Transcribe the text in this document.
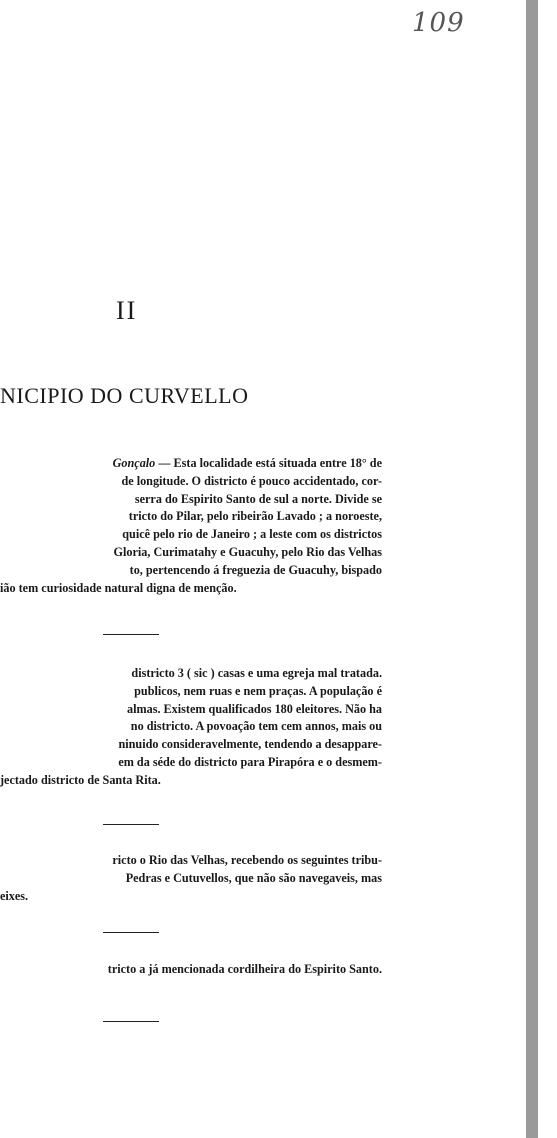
109
II
NICIPIO DO CURVELLO
Gonçalo — Esta localidade está situada entre 18° de
de longitude. O districto é pouco accidentado, cor-
serra do Espirito Santo de sul a norte. Divide se
tricto do Pilar, pelo ribeirão Lavado ; a noroeste,
quicê pelo rio de Janeiro ; a leste com os districtos
Gloria, Curimatahy e Guacuhy, pelo Rio das Velhas
to, pertencendo á freguezia de Guacuhy, bispado
ião tem curiosidade natural digna de menção.
districto 3 ( sic ) casas e uma egreja mal tratada.
publicos, nem ruas e nem praças. A população é
almas. Existem qualificados 180 eleitores. Não ha
no districto. A povoação tem cem annos, mais ou
ninuido consideravelmente, tendendo a desappare-
em da séde do districto para Pirapóra e o desmem-
jectado districto de Santa Rita.
ricto o Rio das Velhas, recebendo os seguintes tribu-
Pedras e Cutuvellos, que não são navegaveis, mas
eixes.
tricto a já mencionada cordilheira do Espirito Santo.
